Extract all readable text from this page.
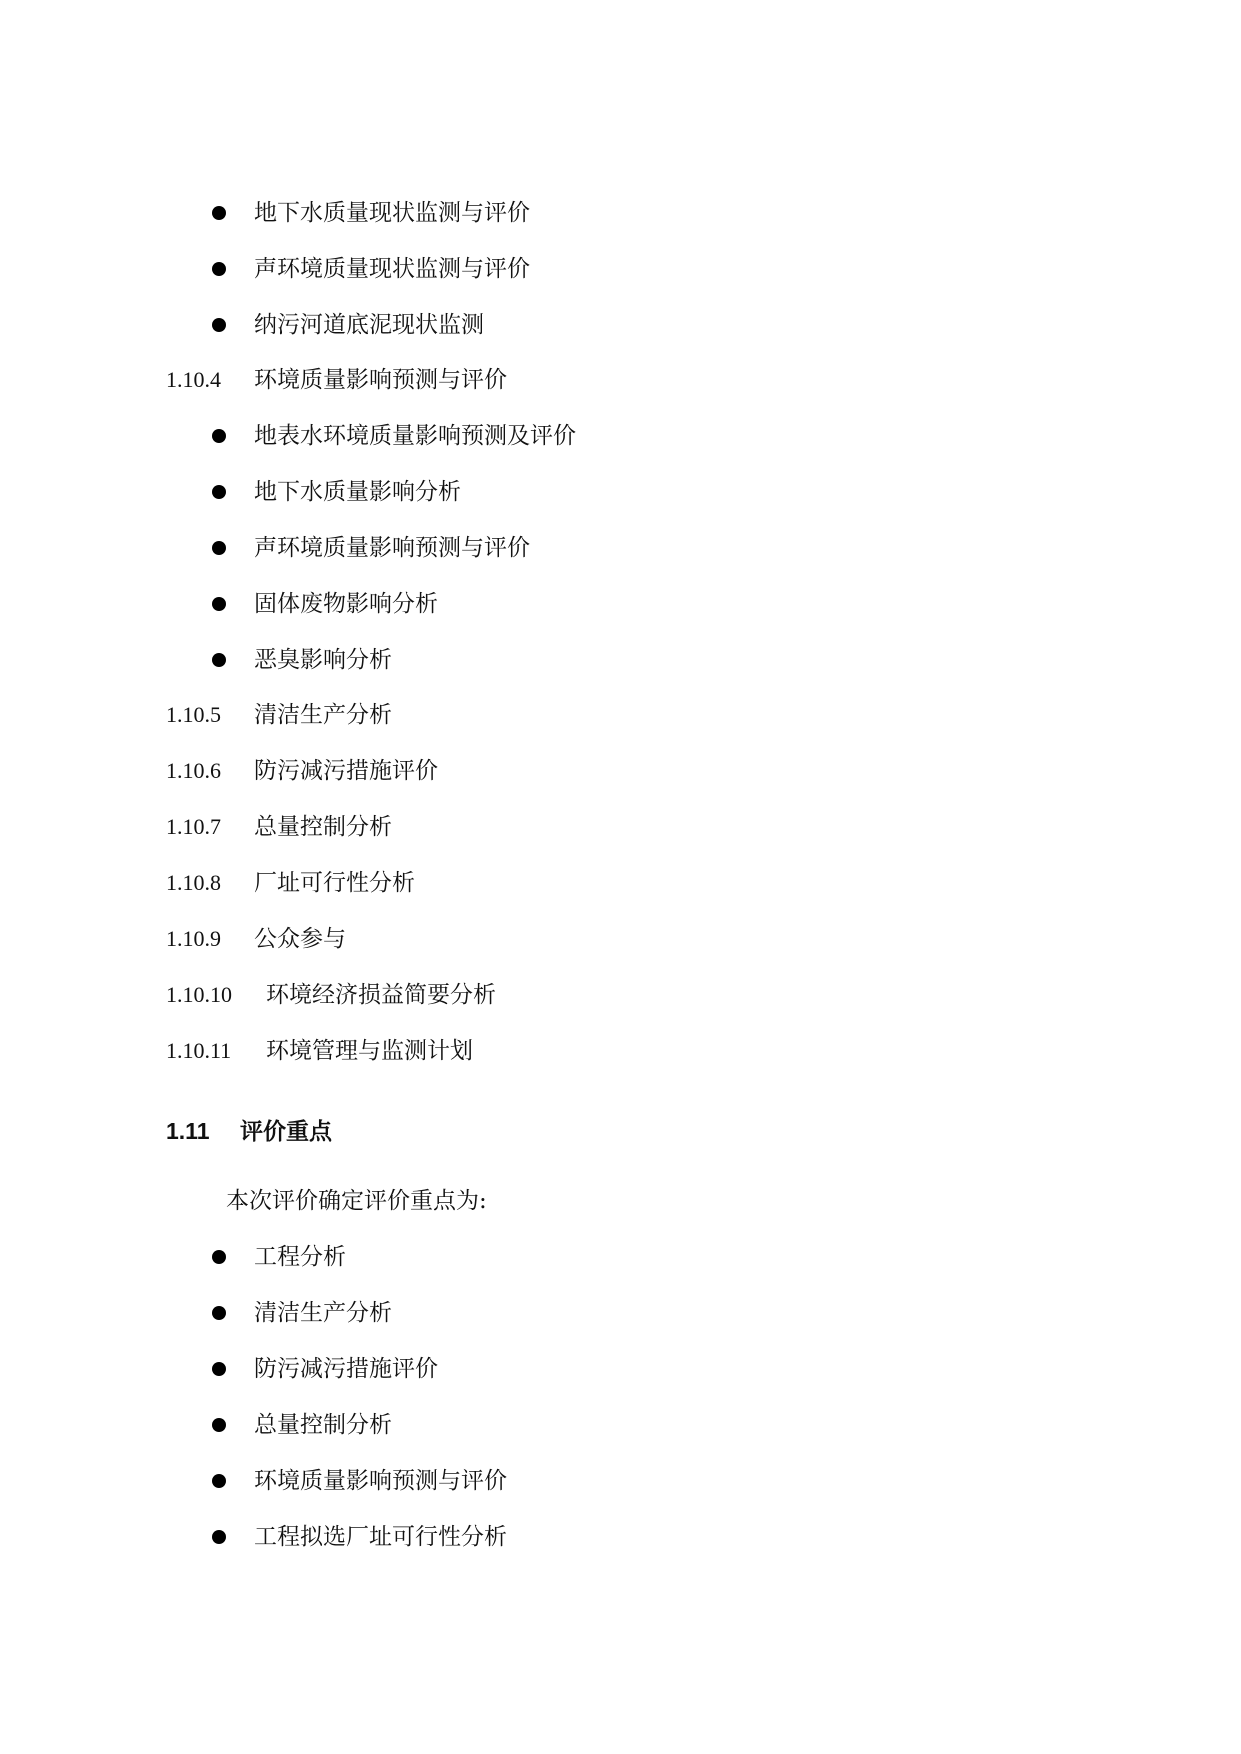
地下水质量现状监测与评价
声环境质量现状监测与评价
纳污河道底泥现状监测
1.10.4 环境质量影响预测与评价
地表水环境质量影响预测及评价
地下水质量影响分析
声环境质量影响预测与评价
固体废物影响分析
恶臭影响分析
1.10.5 清洁生产分析
1.10.6 防污减污措施评价
1.10.7 总量控制分析
1.10.8 厂址可行性分析
1.10.9 公众参与
1.10.10 环境经济损益简要分析
1.10.11 环境管理与监测计划
1.11 评价重点
本次评价确定评价重点为:
工程分析
清洁生产分析
防污减污措施评价
总量控制分析
环境质量影响预测与评价
工程拟选厂址可行性分析
